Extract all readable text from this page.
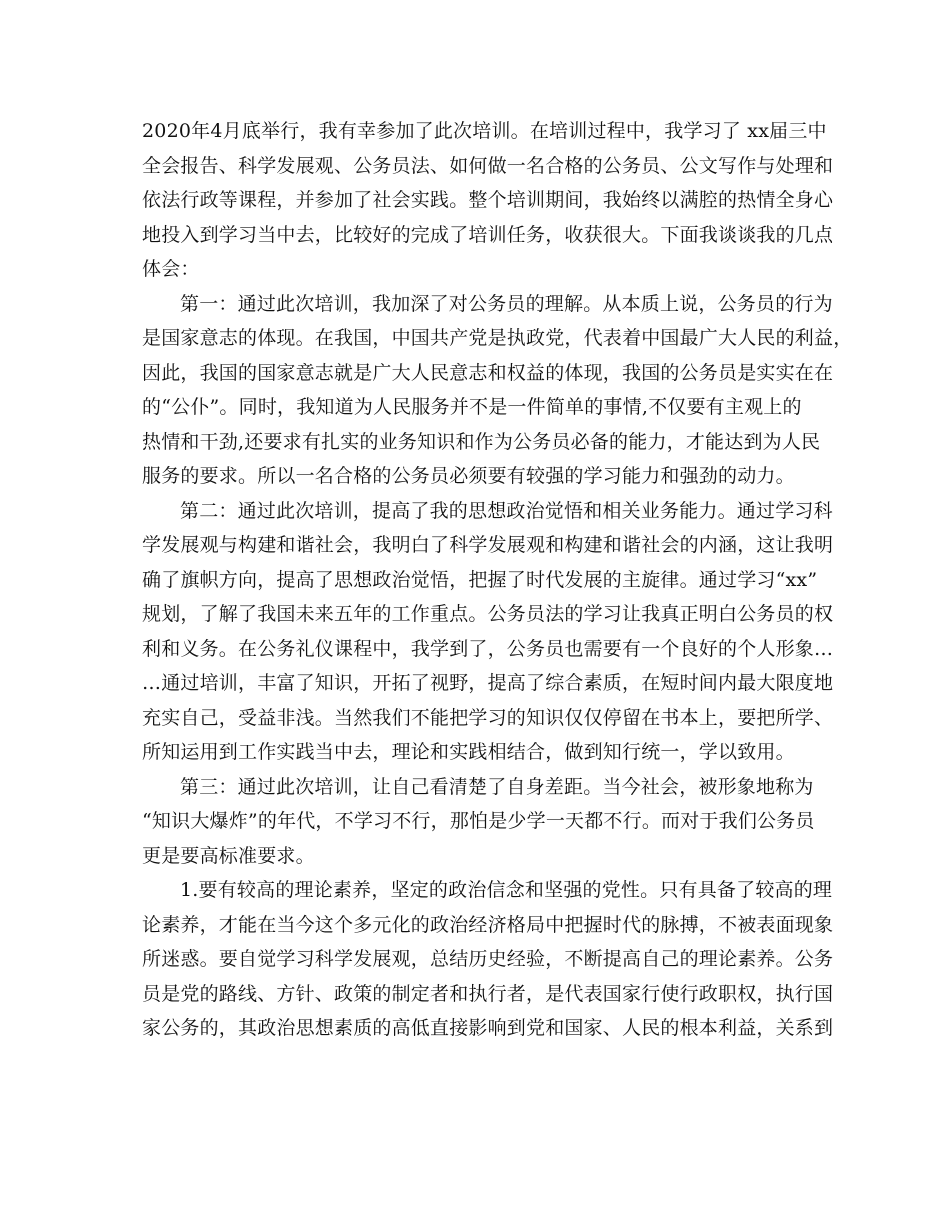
2020年4月底举行，我有幸参加了此次培训。在培训过程中，我学习了 xx届三中
全会报告、科学发展观、公务员法、如何做一名合格的公务员、公文写作与处理和
依法行政等课程，并参加了社会实践。整个培训期间，我始终以满腔的热情全身心
地投入到学习当中去，比较好的完成了培训任务，收获很大。下面我谈谈我的几点
体会：
第一：通过此次培训，我加深了对公务员的理解。从本质上说，公务员的行为
是国家意志的体现。在我国，中国共产党是执政党，代表着中国最广大人民的利益，
因此，我国的国家意志就是广大人民意志和权益的体现，我国的公务员是实实在在
的“公仆”。同时，我知道为人民服务并不是一件简单的事情,不仅要有主观上的
热情和干劲,还要求有扎实的业务知识和作为公务员必备的能力，才能达到为人民
服务的要求。所以一名合格的公务员必须要有较强的学习能力和强劲的动力。
第二：通过此次培训，提高了我的思想政治觉悟和相关业务能力。通过学习科
学发展观与构建和谐社会，我明白了科学发展观和构建和谐社会的内涵，这让我明
确了旗帜方向，提高了思想政治觉悟，把握了时代发展的主旋律。通过学习“xx”
规划，了解了我国未来五年的工作重点。公务员法的学习让我真正明白公务员的权
利和义务。在公务礼仪课程中，我学到了，公务员也需要有一个良好的个人形象…
…通过培训，丰富了知识，开拓了视野，提高了综合素质，在短时间内最大限度地
充实自己，受益非浅。当然我们不能把学习的知识仅仅停留在书本上，要把所学、
所知运用到工作实践当中去，理论和实践相结合，做到知行统一，学以致用。
第三：通过此次培训，让自己看清楚了自身差距。当今社会，被形象地称为
“知识大爆炸”的年代，不学习不行，那怕是少学一天都不行。而对于我们公务员
更是要高标准要求。
1.要有较高的理论素养，坚定的政治信念和坚强的党性。只有具备了较高的理
论素养，才能在当今这个多元化的政治经济格局中把握时代的脉搏，不被表面现象
所迷惑。要自觉学习科学发展观，总结历史经验，不断提高自己的理论素养。公务
员是党的路线、方针、政策的制定者和执行者，是代表国家行使行政职权，执行国
家公务的，其政治思想素质的高低直接影响到党和国家、人民的根本利益，关系到
